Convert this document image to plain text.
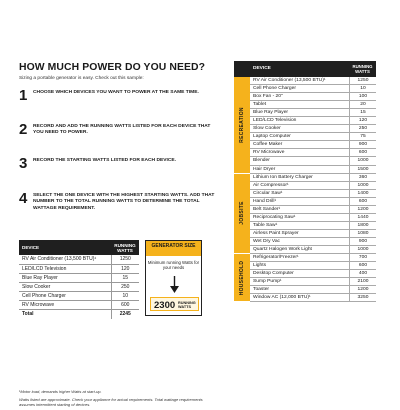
HOW MUCH POWER DO YOU NEED?
Sizing a portable generator is easy. Check out this sample:
1 CHOOSE WHICH DEVICES YOU WANT TO POWER AT THE SAME TIME.
2 RECORD AND ADD THE RUNNING WATTS LISTED FOR EACH DEVICE THAT YOU NEED TO POWER.
3 RECORD THE STARTING WATTS LISTED FOR EACH DEVICE.
4 SELECT THE ONE DEVICE WITH THE HIGHEST STARTING WATTS. ADD THAT NUMBER TO THE TOTAL RUNNING WATTS TO DETERMINE THE TOTAL WATTAGE REQUIREMENT.
DEVICE	RUNNING WATTS
RV Air Conditioner (13,500 BTU)¹	1250
LED/LCD Television	120
Blue Ray Player	15
Slow Cooker	250
Cell Phone Charger	10
RV Microwave	600
Total	2245
GENERATOR SIZE
Minimum running Watts for your needs
2300 RUNNING WATTS

¹Motor load, demands higher Watts at start-up.

Watts listed are approximate. Check your appliance for actual requirements. Total wattage requirements assumes intermittent starting of devices.

DEVICE	RUNNING WATTS
RECREATION
RV Air Conditioner (13,500 BTU)¹	1250
Cell Phone Charger	10
Box Fan - 20"	100
Tablet	20
Blue Ray Player	15
LED/LCD Television	120
Slow Cooker	250
Laptop Computer	75
Coffee Maker	900
RV Microwave	600
Blender	1000
Hair Dryer	1500
JOBSITE
Lithium Ion Battery Charger	360
Air Compressor¹	1000
Circular Saw¹	1400
Hand Drill¹	600
Belt Sander¹	1200
Reciprocating Saw¹	1440
Table Saw¹	1800
Airless Paint Sprayer	1080
Wet Dry Vac	900
Quartz Halogen Work Light	1000
HOUSEHOLD
Refrigerator/Freezer¹	700
Lights	600
Desktop Computer	400
Sump Pump¹	2100
Toaster	1200
Window AC (12,000 BTU)¹	3250
